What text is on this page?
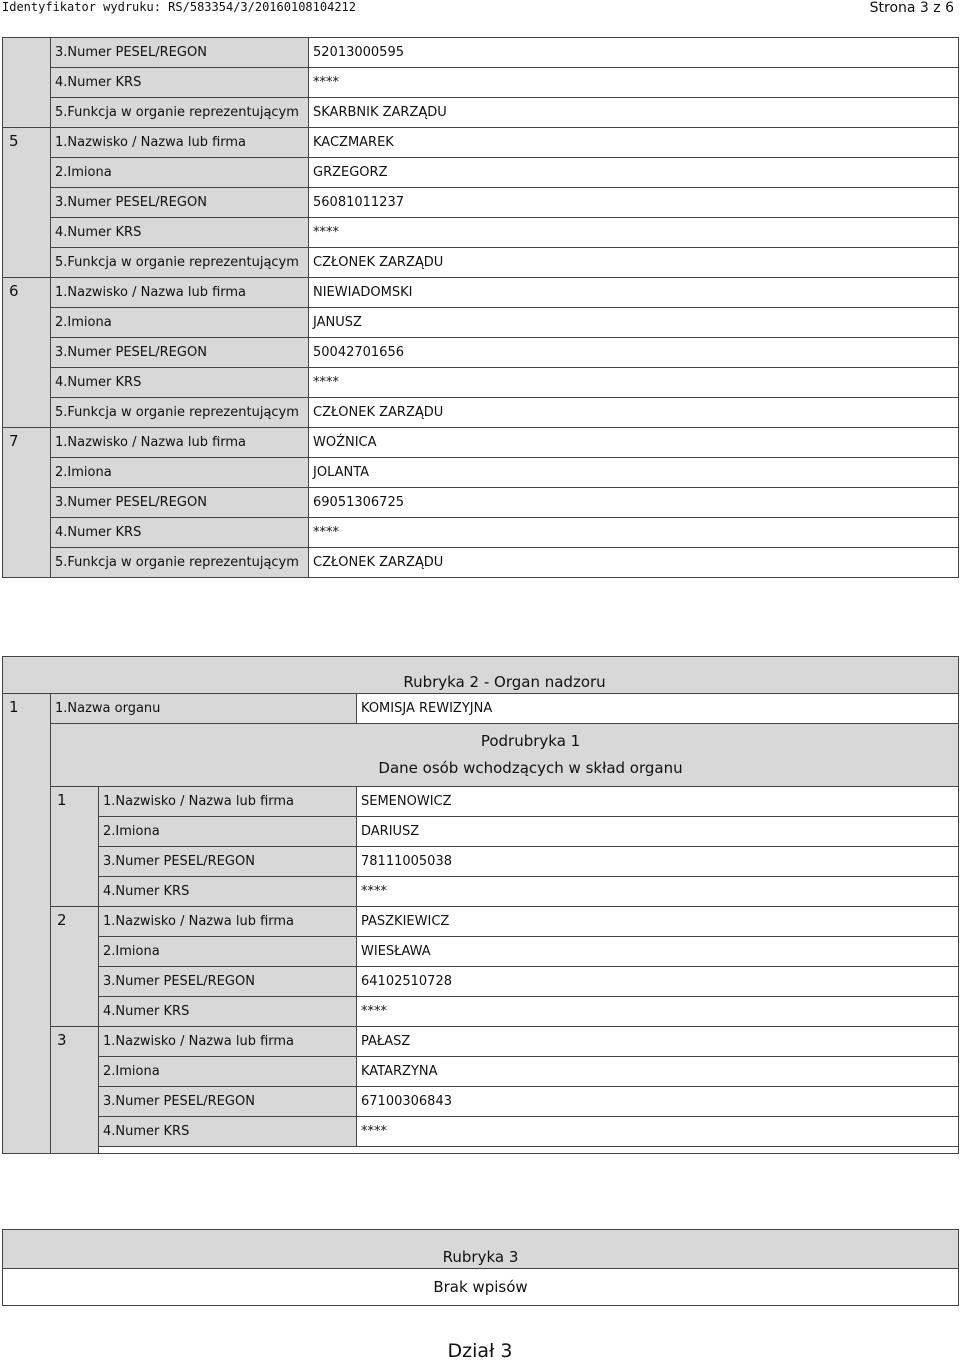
Identyfikator wydruku: RS/583354/3/20160108104212	Strona 3 z 6
	3.Numer PESEL/REGON	52013000595
	4.Numer KRS	****
	5.Funkcja w organie reprezentującym	SKARBNIK ZARZĄDU
5	1.Nazwisko / Nazwa lub firma	KACZMAREK
	2.Imiona	GRZEGORZ
	3.Numer PESEL/REGON	56081011237
	4.Numer KRS	****
	5.Funkcja w organie reprezentującym	CZŁONEK ZARZĄDU
6	1.Nazwisko / Nazwa lub firma	NIEWIADOMSKI
	2.Imiona	JANUSZ
	3.Numer PESEL/REGON	50042701656
	4.Numer KRS	****
	5.Funkcja w organie reprezentującym	CZŁONEK ZARZĄDU
7	1.Nazwisko / Nazwa lub firma	WOŹNICA
	2.Imiona	JOLANTA
	3.Numer PESEL/REGON	69051306725
	4.Numer KRS	****
	5.Funkcja w organie reprezentującym	CZŁONEK ZARZĄDU
Rubryka 2 - Organ nadzoru			
1	1.Nazwa organu		KOMISJA REWIZYJNA

	Podrubryka 1
Dane osób wchodzących w skład organu		

	1	1.Nazwisko / Nazwa lub firma	SEMENOWICZ
		2.Imiona	DARIUSZ
		3.Numer PESEL/REGON	78111005038
		4.Numer KRS	****
	2	1.Nazwisko / Nazwa lub firma	PASZKIEWICZ
		2.Imiona	WIESŁAWA
		3.Numer PESEL/REGON	64102510728
		4.Numer KRS	****
	3	1.Nazwisko / Nazwa lub firma	PAŁASZ
		2.Imiona	KATARZYNA
		3.Numer PESEL/REGON	67100306843
		4.Numer KRS	****

Rubryka 3
Brak wpisów
Dział 3
